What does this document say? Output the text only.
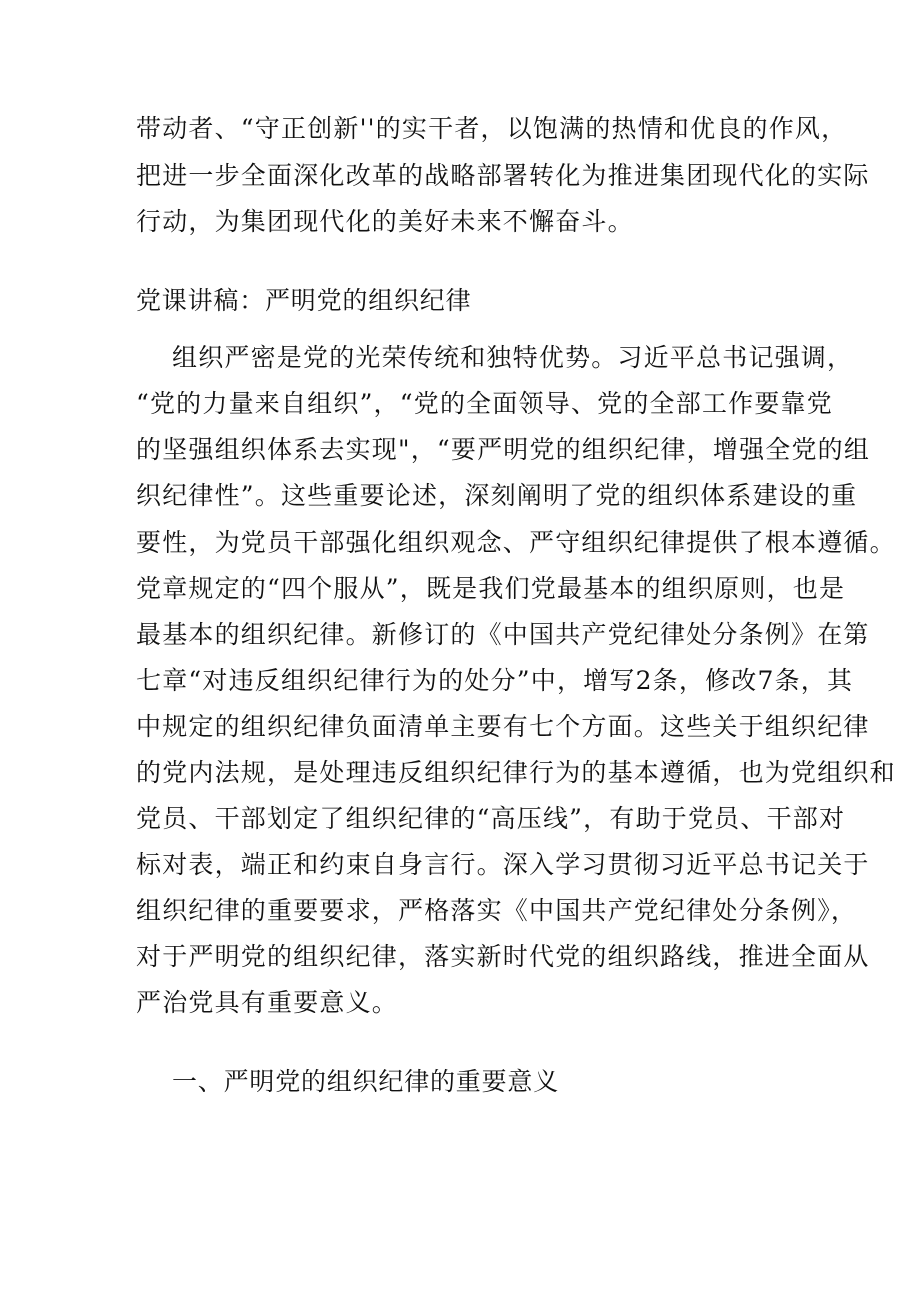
带动者、“守正创新''的实干者，以饱满的热情和优良的作风，
把进一步全面深化改革的战略部署转化为推进集团现代化的实际
行动，为集团现代化的美好未来不懈奋斗。
党课讲稿：严明党的组织纪律
组织严密是党的光荣传统和独特优势。习近平总书记强调，
“党的力量来自组织”，“党的全面领导、党的全部工作要靠党
的坚强组织体系去实现"，“要严明党的组织纪律，增强全党的组
织纪律性”。这些重要论述，深刻阐明了党的组织体系建设的重
要性，为党员干部强化组织观念、严守组织纪律提供了根本遵循。
党章规定的“四个服从”，既是我们党最基本的组织原则，也是
最基本的组织纪律。新修订的《中国共产党纪律处分条例》在第
七章“对违反组织纪律行为的处分”中，增写2条，修改7条，其
中规定的组织纪律负面清单主要有七个方面。这些关于组织纪律
的党内法规，是处理违反组织纪律行为的基本遵循，也为党组织和
党员、干部划定了组织纪律的“高压线”，有助于党员、干部对
标对表，端正和约束自身言行。深入学习贯彻习近平总书记关于
组织纪律的重要要求，严格落实《中国共产党纪律处分条例》，
对于严明党的组织纪律，落实新时代党的组织路线，推进全面从
严治党具有重要意义。
一、严明党的组织纪律的重要意义
